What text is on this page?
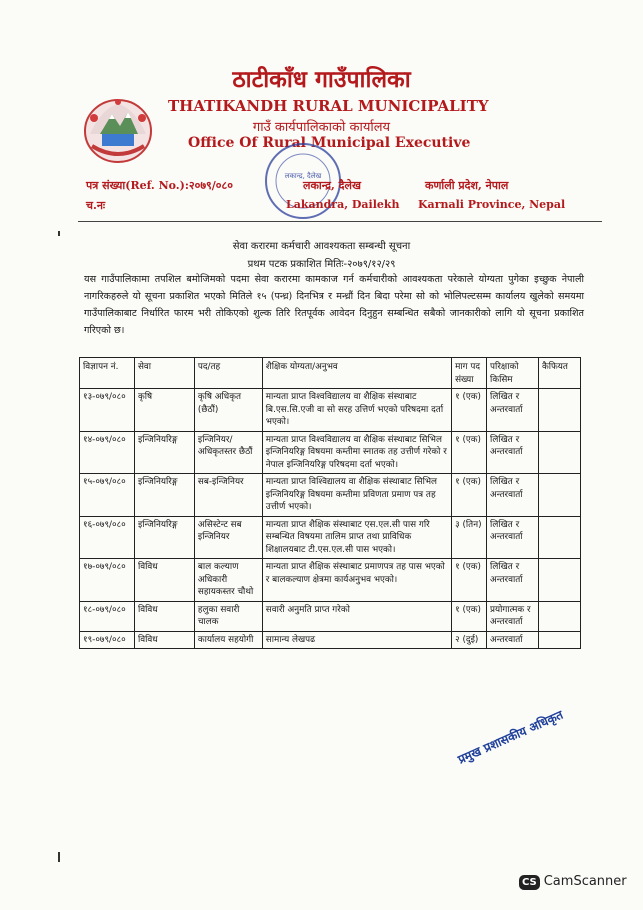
ठाटीकाँध गाउँपालिका
THATIKANDH RURAL MUNICIPALITY
गाउँ कार्यपालिकाको कार्यालय
Office Of Rural Municipal Executive
लकान्द्र, दैलेख
पत्र संख्या(Ref. No.):२०७९/०८०
च.नः
लकान्द्र, दैलेख
Lakandra, Dailekh
कर्णाली प्रदेश, नेपाल
Karnali Province, Nepal
सेवा करारमा कर्मचारी आवश्यकता सम्बन्धी सूचना
प्रथम पटक प्रकाशित मितिः-२०७९/१२/२९
यस गाउँपालिकामा तपशिल बमोजिमको पदमा सेवा करारमा कामकाज गर्न कर्मचारीको आवश्यकता परेकाले योग्यता पुगेका इच्छुक नेपाली नागरिकहरुले यो सूचना प्रकाशित भएको मितिले १५ (पन्ध्र) दिनभित्र र मन्ध्रौं दिन बिदा परेमा सो को भोलिपल्टसम्म कार्यालय खुलेको समयमा गाउँपालिकाबाट निर्धारित फारम भरी तोकिएको शुल्क तिरि रितपूर्वक आवेदन दिनुहुन सम्बन्धित सबैको जानकारीको लागि यो सूचना प्रकाशित गरिएको छ।
विज्ञापन नं.	सेवा	पद/तह	शैक्षिक योग्यता/अनुभव	माग पद संख्या	परिक्षाको किसिम	कैफियत
१३-०७९/०८०	कृषि	कृषि अधिकृत (छैठौं)	मान्यता प्राप्त विश्वविद्यालय वा शैक्षिक संस्थाबाट बि.एस.सि.एजी वा सो सरह उत्तिर्ण भएको परिषदमा दर्ता भएको।	१ (एक)	लिखित र अन्तरवार्ता	
१४-०७९/०८०	इन्जिनियरिङ्ग	इन्जिनियर/अधिकृतस्तर छैठौं	मान्यता प्राप्त विश्वविद्यालय वा शैक्षिक संस्थाबाट सिभिल इन्जिनियरिङ्ग विषयमा कम्तीमा स्नातक तह उत्तीर्ण गरेको र नेपाल इन्जिनियरिङ्ग परिषदमा दर्ता भएको।	१ (एक)	लिखित र अन्तरवार्ता	
१५-०७९/०८०	इन्जिनियरिङ्ग	सब-इन्जिनियर	मान्यता प्राप्त विश्विद्यालय वा शैक्षिक संस्थाबाट सिभिल इन्जिनियरिङ्ग विषयमा कम्तीमा प्रविणता प्रमाण पत्र तह उत्तीर्ण भएको।	१ (एक)	लिखित र अन्तरवार्ता	
१६-०७९/०८०	इन्जिनियरिङ्ग	असिस्टेन्ट सब इन्जिनियर	मान्यता प्राप्त शैक्षिक संस्थाबाट एस.एल.सी पास गरि सम्बन्धित विषयमा तालिम प्राप्त तथा प्राविधिक शिक्षालयबाट टी.एस.एल.सी पास भएको।	३ (तिन)	लिखित र अन्तरवार्ता	
१७-०७९/०८०	विविध	बाल कल्याण अधिकारी सहायकस्तर चौथो	मान्यता प्राप्त शैक्षिक संस्थाबाट प्रमाणपत्र तह पास भएको र बालकल्याण क्षेत्रमा कार्यअनुभव भएको।	१ (एक)	लिखित र अन्तरवार्ता	
१८-०७९/०८०	विविध	हलुका सवारी चालक	सवारी अनुमति प्राप्त गरेको	१ (एक)	प्रयोगात्मक र अन्तरवार्ता	
१९-०७९/०८०	विविध	कार्यालय सहयोगी	सामान्य लेखपढ	२ (दुई)	अन्तरवार्ता	
प्रमुख प्रशासकीय अधिकृत
CS CamScanner
